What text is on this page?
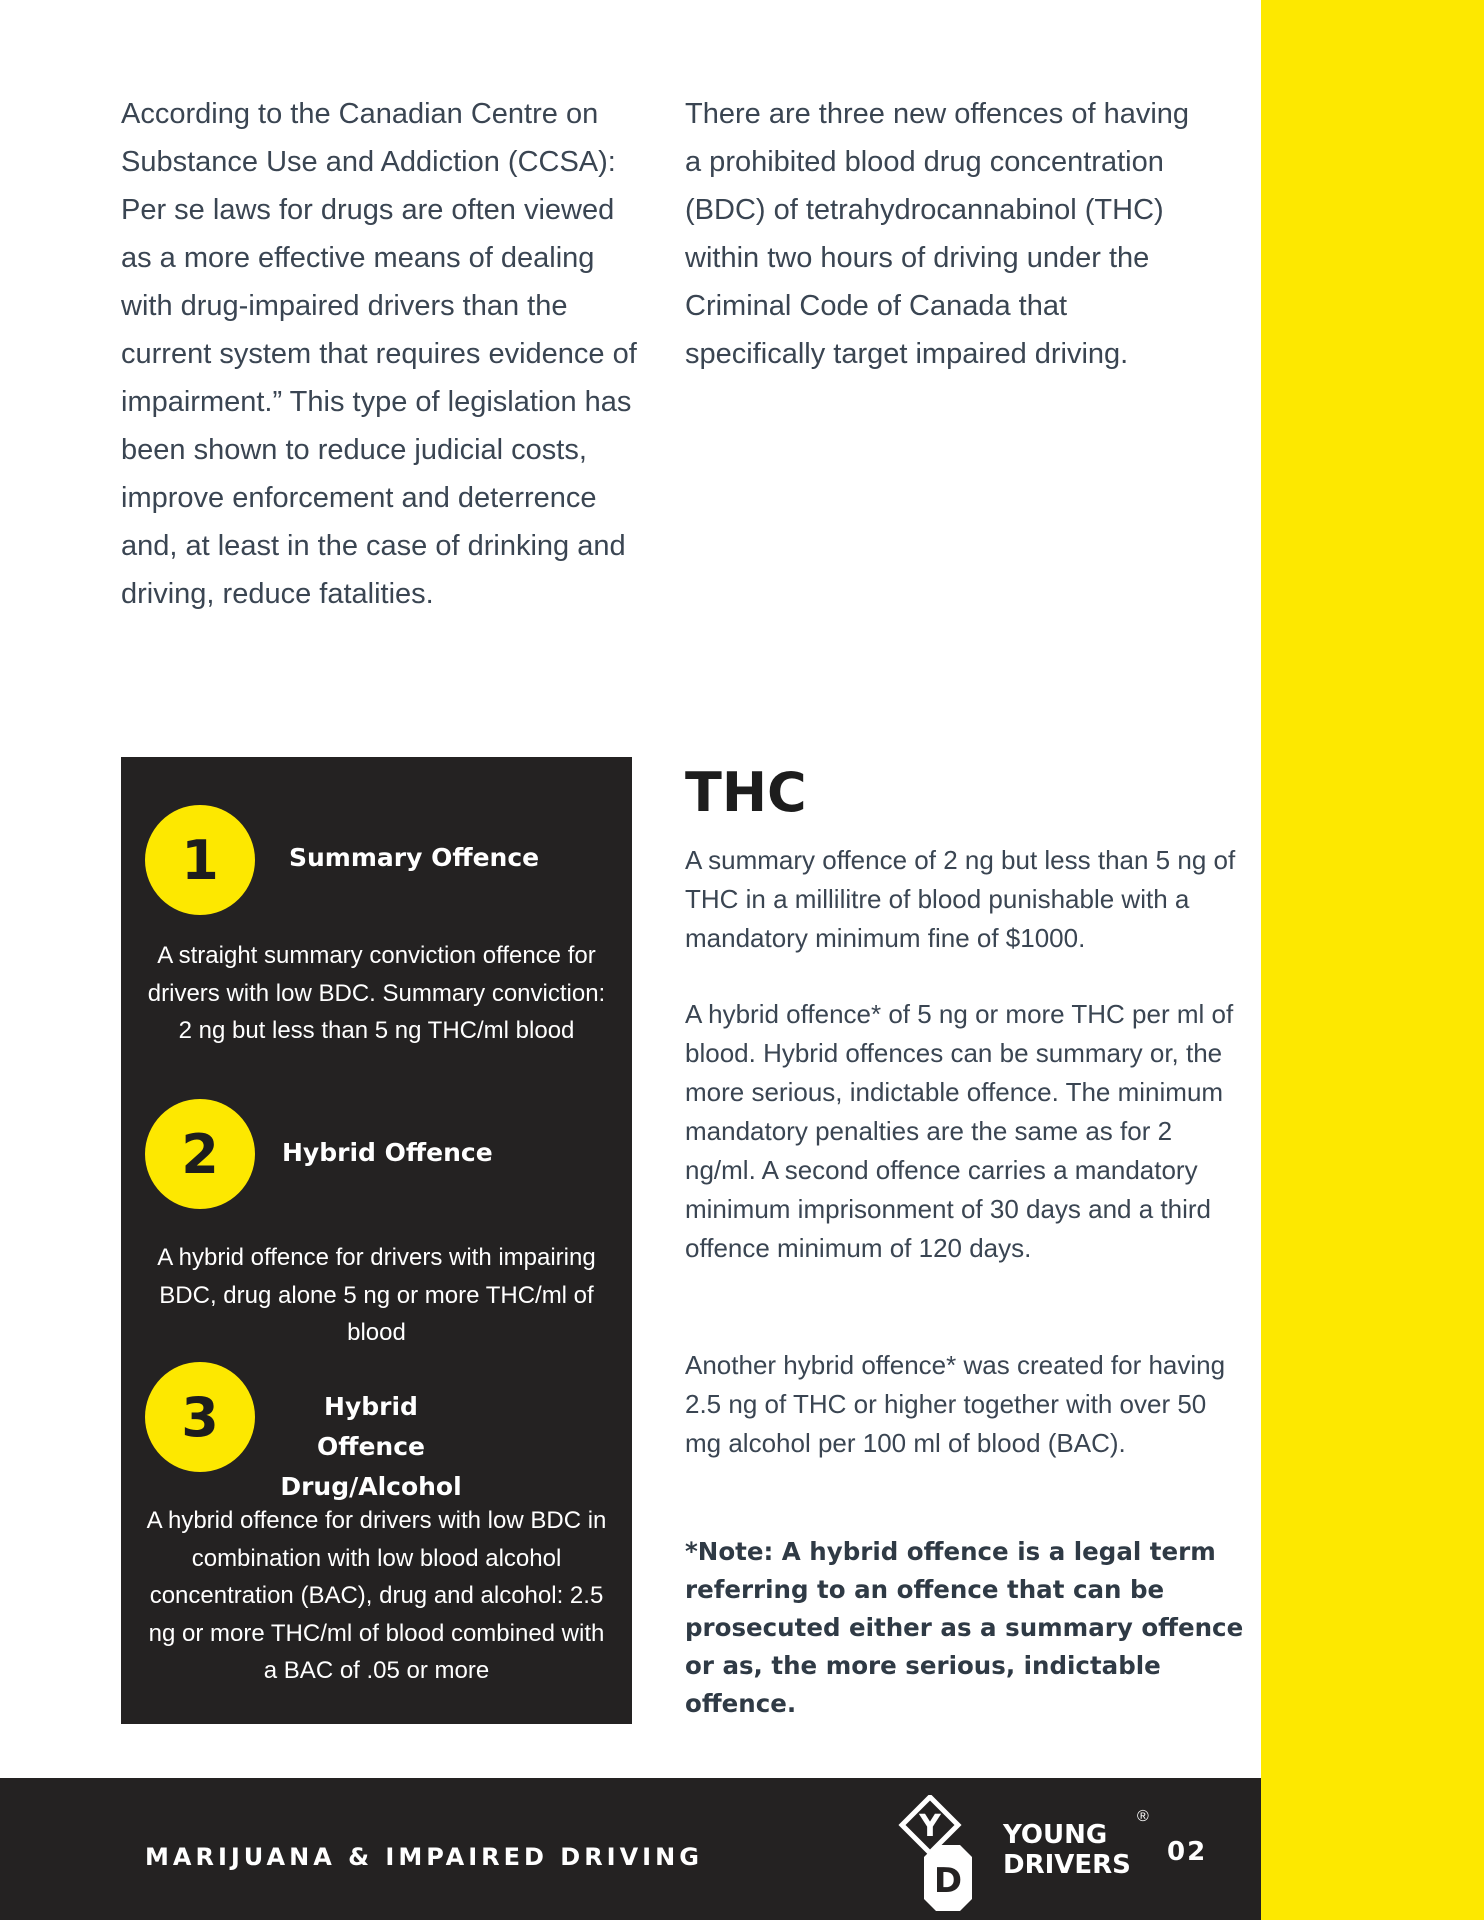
According to the Canadian Centre on Substance Use and Addiction (CCSA): Per se laws for drugs are often viewed as a more effective means of dealing with drug-impaired drivers than the current system that requires evidence of impairment.” This type of legislation has been shown to reduce judicial costs, improve enforcement and deterrence and, at least in the case of drinking and driving, reduce fatalities.

There are three new offences of having a prohibited blood drug concentration (BDC) of tetrahydrocannabinol (THC) within two hours of driving under the Criminal Code of Canada that specifically target impaired driving.

1	Summary Offence

A straight summary conviction offence for drivers with low BDC. Summary conviction: 2 ng but less than 5 ng THC/ml blood

2	Hybrid Offence

A hybrid offence for drivers with impairing BDC, drug alone 5 ng or more THC/ml of blood

3	Hybrid Offence
Drug/Alcohol

A hybrid offence for drivers with low BDC in combination with low blood alcohol concentration (BAC), drug and alcohol: 2.5 ng or more THC/ml of blood combined with a BAC of .05 or more

THC

A summary offence of 2 ng but less than 5 ng of THC in a millilitre of blood punishable with a mandatory minimum fine of $1000.

A hybrid offence* of 5 ng or more THC per ml of blood. Hybrid offences can be summary or, the more serious, indictable offence. The minimum mandatory penalties are the same as for 2 ng/ml. A second offence carries a mandatory minimum imprisonment of 30 days and a third offence minimum of 120 days.

Another hybrid offence* was created for having 2.5 ng of THC or higher together with over 50 mg alcohol per 100 ml of blood (BAC).

*Note: A hybrid offence is a legal term referring to an offence that can be prosecuted either as a summary offence or as, the more serious, indictable offence.

MARIJUANA & IMPAIRED DRIVING
Y
D
YOUNG
DRIVERS
®
02
